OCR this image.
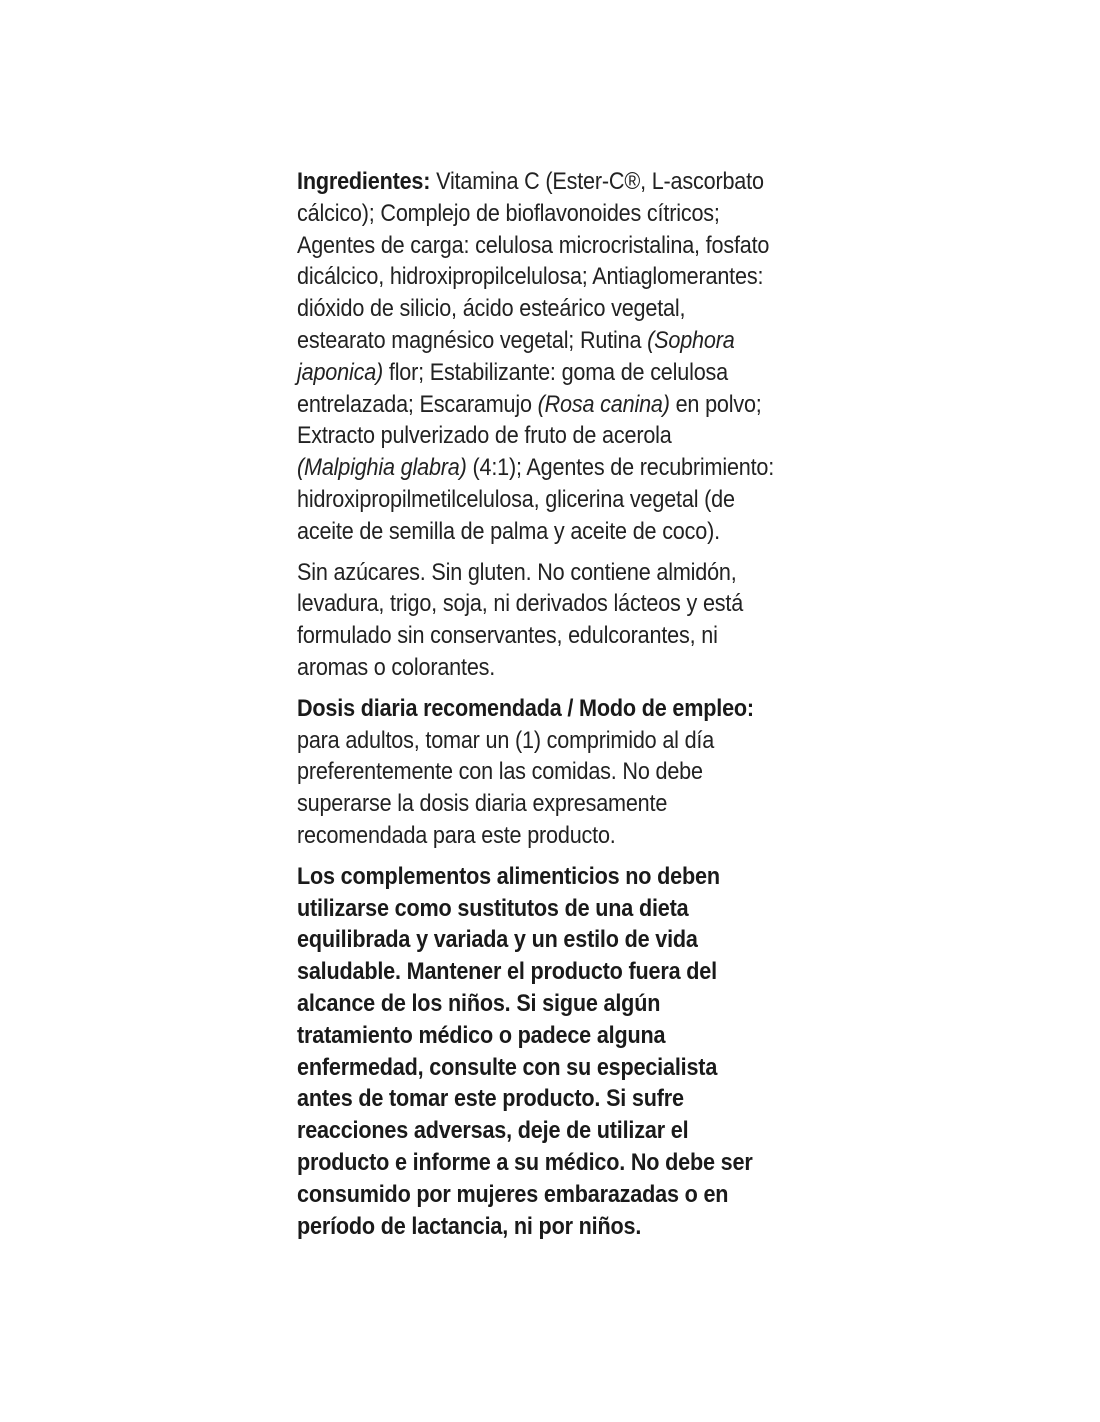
Ingredientes: Vitamina C (Ester-C®, L-ascorbato
cálcico); Complejo de bioflavonoides cítricos;
Agentes de carga: celulosa microcristalina, fosfato
dicálcico, hidroxipropilcelulosa; Antiaglomerantes:
dióxido de silicio, ácido esteárico vegetal,
estearato magnésico vegetal; Rutina (Sophora
japonica) flor; Estabilizante: goma de celulosa
entrelazada; Escaramujo (Rosa canina) en polvo;
Extracto pulverizado de fruto de acerola
(Malpighia glabra) (4:1); Agentes de recubrimiento:
hidroxipropilmetilcelulosa, glicerina vegetal (de
aceite de semilla de palma y aceite de coco).
Sin azúcares. Sin gluten. No contiene almidón,
levadura, trigo, soja, ni derivados lácteos y está
formulado sin conservantes, edulcorantes, ni
aromas o colorantes.
Dosis diaria recomendada / Modo de empleo:
para adultos, tomar un (1) comprimido al día
preferentemente con las comidas. No debe
superarse la dosis diaria expresamente
recomendada para este producto.
Los complementos alimenticios no deben
utilizarse como sustitutos de una dieta
equilibrada y variada y un estilo de vida
saludable. Mantener el producto fuera del
alcance de los niños. Si sigue algún
tratamiento médico o padece alguna
enfermedad, consulte con su especialista
antes de tomar este producto. Si sufre
reacciones adversas, deje de utilizar el
producto e informe a su médico. No debe ser
consumido por mujeres embarazadas o en
período de lactancia, ni por niños.
